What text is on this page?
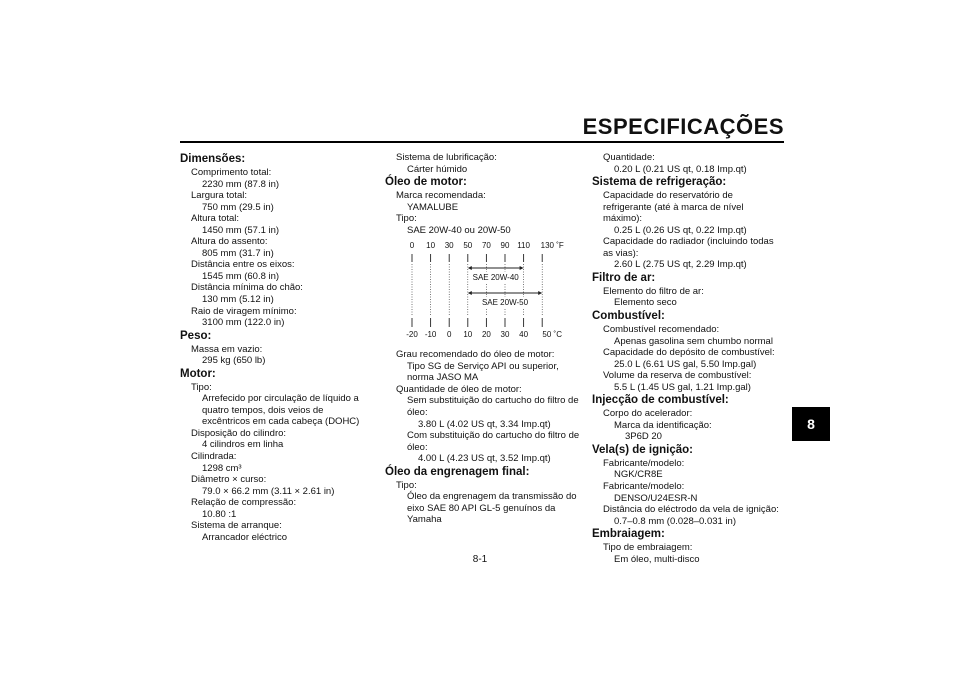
ESPECIFICAÇÕES
8
Dimensões:
Comprimento total:
2230 mm (87.8 in)
Largura total:
750 mm (29.5 in)
Altura total:
1450 mm (57.1 in)
Altura do assento:
805 mm (31.7 in)
Distância entre os eixos:
1545 mm (60.8 in)
Distância mínima do chão:
130 mm (5.12 in)
Raio de viragem mínimo:
3100 mm (122.0 in)
Peso:
Massa em vazio:
295 kg (650 lb)
Motor:
Tipo:
Arrefecido por circulação de líquido a quatro tempos, dois veios de excêntricos em cada cabeça (DOHC)
Disposição do cilindro:
4 cilindros em linha
Cilindrada:
1298 cm³
Diâmetro × curso:
79.0 × 66.2 mm (3.11 × 2.61 in)
Relação de compressão:
10.80 :1
Sistema de arranque:
Arrancador eléctrico
Sistema de lubrificação:
Cárter húmido
Óleo de motor:
Marca recomendada:
YAMALUBE
Tipo:
SAE 20W-40 ou 20W-50
0	10	30	50	70	90 110	130 ˚F
-20 -10	0	10	20	30	40	50 ˚C
SAE 20W-40
SAE 20W-50
Grau recomendado do óleo de motor:
Tipo SG de Serviço API ou superior, norma JASO MA
Quantidade de óleo de motor:
Sem substituição do cartucho do filtro de óleo:
3.80 L (4.02 US qt, 3.34 Imp.qt)
Com substituição do cartucho do filtro de óleo:
4.00 L (4.23 US qt, 3.52 Imp.qt)
Óleo da engrenagem final:
Tipo:
Óleo da engrenagem da transmissão do eixo SAE 80 API GL-5 genuínos da Yamaha
Quantidade:
0.20 L (0.21 US qt, 0.18 Imp.qt)
Sistema de refrigeração:
Capacidade do reservatório de refrigerante (até à marca de nível máximo):
0.25 L (0.26 US qt, 0.22 Imp.qt)
Capacidade do radiador (incluindo todas as vias):
2.60 L (2.75 US qt, 2.29 Imp.qt)
Filtro de ar:
Elemento do filtro de ar:
Elemento seco
Combustível:
Combustível recomendado:
Apenas gasolina sem chumbo normal
Capacidade do depósito de combustível:
25.0 L (6.61 US gal, 5.50 Imp.gal)
Volume da reserva de combustível:
5.5 L (1.45 US gal, 1.21 Imp.gal)
Injecção de combustível:
Corpo do acelerador:
Marca da identificação:
3P6D 20
Vela(s) de ignição:
Fabricante/modelo:
NGK/CR8E
Fabricante/modelo:
DENSO/U24ESR-N
Distância do eléctrodo da vela de ignição:
0.7–0.8 mm (0.028–0.031 in)
Embraiagem:
Tipo de embraiagem:
Em óleo, multi-disco
8-1
